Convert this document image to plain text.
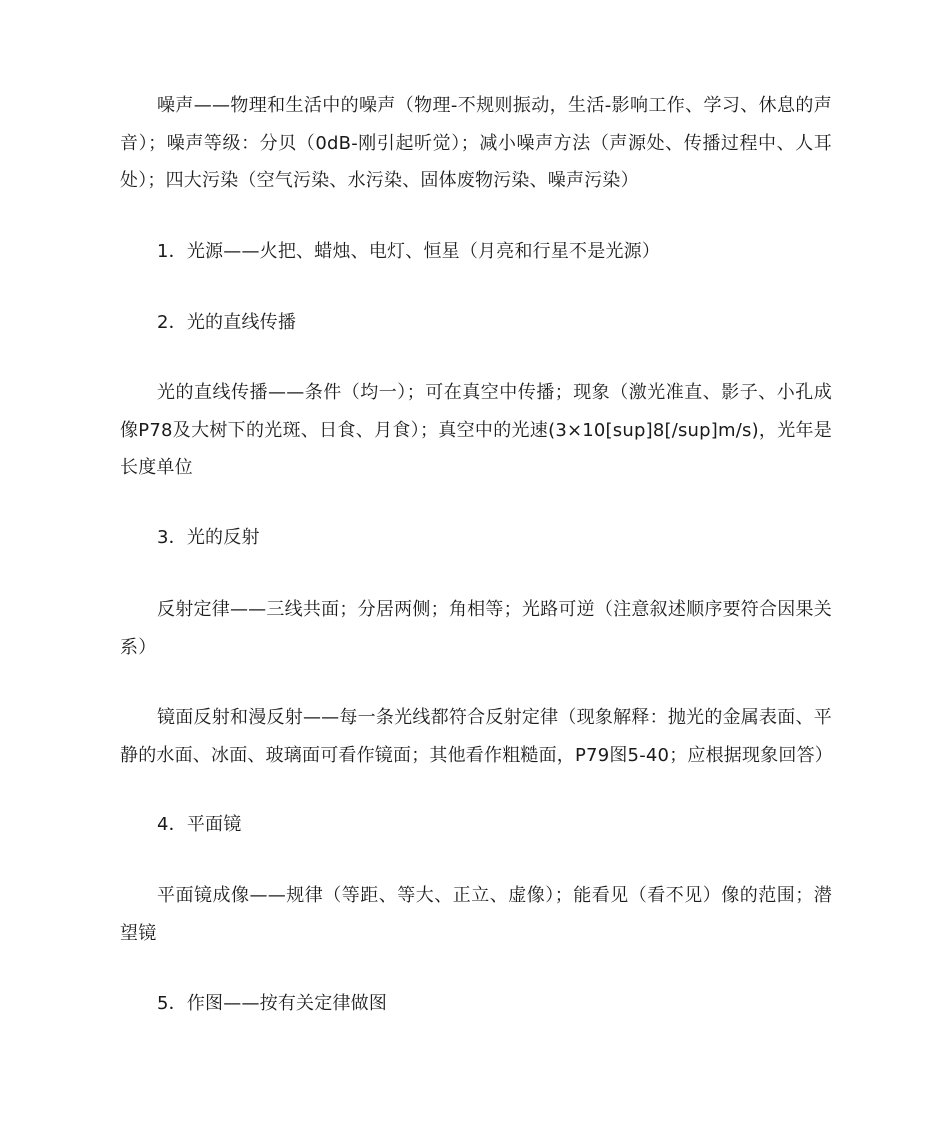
噪声——物理和生活中的噪声（物理-不规则振动，生活-影响工作、学习、休息的声音）；噪声等级：分贝（0dB-刚引起听觉）；减小噪声方法（声源处、传播过程中、人耳处）；四大污染（空气污染、水污染、固体废物污染、噪声污染）

1．光源——火把、蜡烛、电灯、恒星（月亮和行星不是光源）

2．光的直线传播

光的直线传播——条件（均一）；可在真空中传播；现象（激光准直、影子、小孔成像P78及大树下的光斑、日食、月食）；真空中的光速(3×10[sup]8[/sup]m/s)，光年是长度单位

3．光的反射

反射定律——三线共面；分居两侧；角相等；光路可逆（注意叙述顺序要符合因果关系）

镜面反射和漫反射——每一条光线都符合反射定律（现象解释：抛光的金属表面、平静的水面、冰面、玻璃面可看作镜面；其他看作粗糙面，P79图5-40；应根据现象回答）

4．平面镜

平面镜成像——规律（等距、等大、正立、虚像）；能看见（看不见）像的范围；潜望镜

5．作图——按有关定律做图
